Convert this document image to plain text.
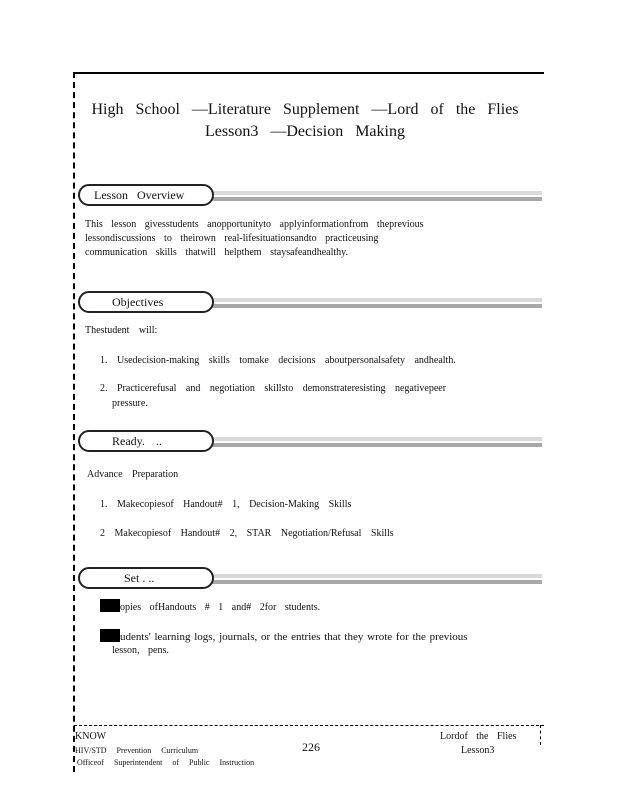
High School —Literature Supplement —Lord of the Flies
Lesson3 —Decision Making
Lesson Overview
This lesson givesstudents anopportunityto applyinformationfrom theprevious
lessondiscussions to theirown real-lifesituationsandto practiceusing
communication skills thatwill helpthem staysafeandhealthy.
Objectives
Thestudent will:
1. Usedecision-making skills tomake decisions aboutpersonalsafety andhealth.
2. Practicerefusal and negotiation skillsto demonstrateresisting negativepeer
pressure.
Ready. ..
Advance Preparation
1. Makecopiesof Handout# 1, Decision-Making Skills
2 Makecopiesof Handout# 2, STAR Negotiation/Refusal Skills
Set . ..
opies ofHandouts # 1 and# 2for students.
udents' learning logs, journals, or the entries that they wrote for the previous
lesson, pens.
KNOW
HIV/STD Prevention Curriculum
Officeof Superintendent of Public Instruction
226
Lordof the Flies
Lesson3
